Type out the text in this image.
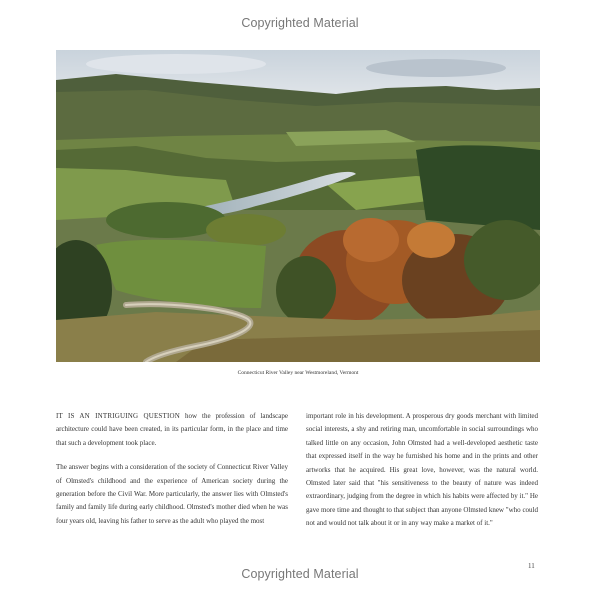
Copyrighted Material
Connecticut River Valley near Westmoreland, Vermont

IT IS AN INTRIGUING QUESTION how the profession of landscape architecture could have been created, in its particular form, in the place and time that such a development took place.

The answer begins with a consideration of the society of Connecticut River Valley of Olmsted's childhood and the experience of American society during the generation before the Civil War. More particularly, the answer lies with Olmsted's family and family life during early childhood. Olmsted's mother died when he was four years old, leaving his father to serve as the adult who played the most

important role in his development. A prosperous dry goods merchant with limited social interests, a shy and retiring man, uncomfortable in social surroundings who talked little on any occasion, John Olmsted had a well-developed aesthetic taste that expressed itself in the way he furnished his home and in the prints and other artworks that he acquired. His great love, however, was the natural world. Olmsted later said that "his sensitiveness to the beauty of nature was indeed extraordinary, judging from the degree in which his habits were affected by it." He gave more time and thought to that subject than anyone Olmsted knew "who could not and would not talk about it or in any way make a market of it."

11
Copyrighted Material
